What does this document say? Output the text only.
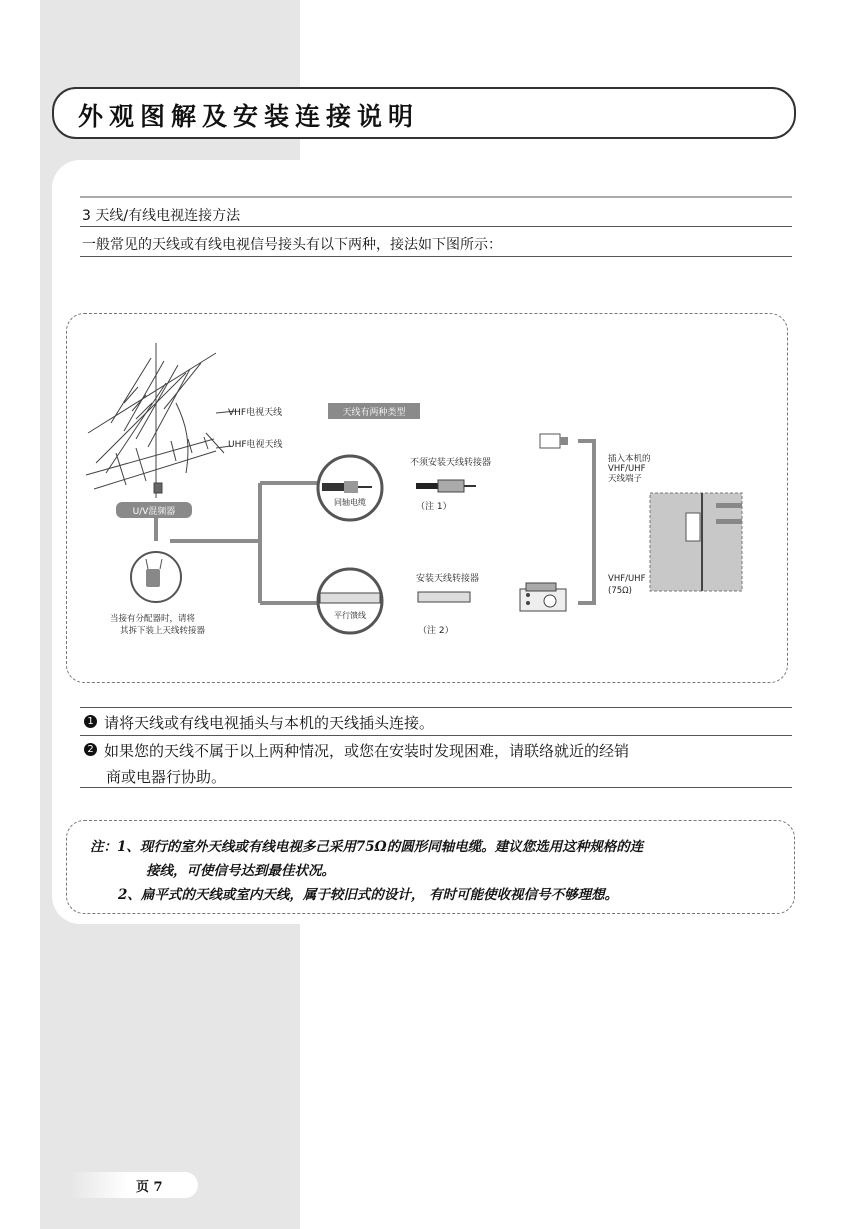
外观图解及安装连接说明
3 天线/有线电视连接方法
一般常见的天线或有线电视信号接头有以下两种，接法如下图所示：
VHF电视天线
UHF电视天线
天线有两种类型
U/V混频器
当接有分配器时，请将
其拆下装上天线转接器
同轴电缆
平行馈线
不须安装天线转接器
（注 1）
安装天线转接器
（注 2）
插入本机的
VHF/UHF
天线端子
VHF/UHF
(75Ω)
1 请将天线或有线电视插头与本机的天线插头连接。
2 如果您的天线不属于以上两种情况，或您在安装时发现困难，请联络就近的经销
商或电器行协助。
注：1、现行的室外天线或有线电视多己采用75Ω的圆形同轴电缆。建议您选用这种规格的连
接线，可使信号达到最佳状况。
2、扁平式的天线或室内天线，属于较旧式的设计， 有时可能使收视信号不够理想。
页 7
